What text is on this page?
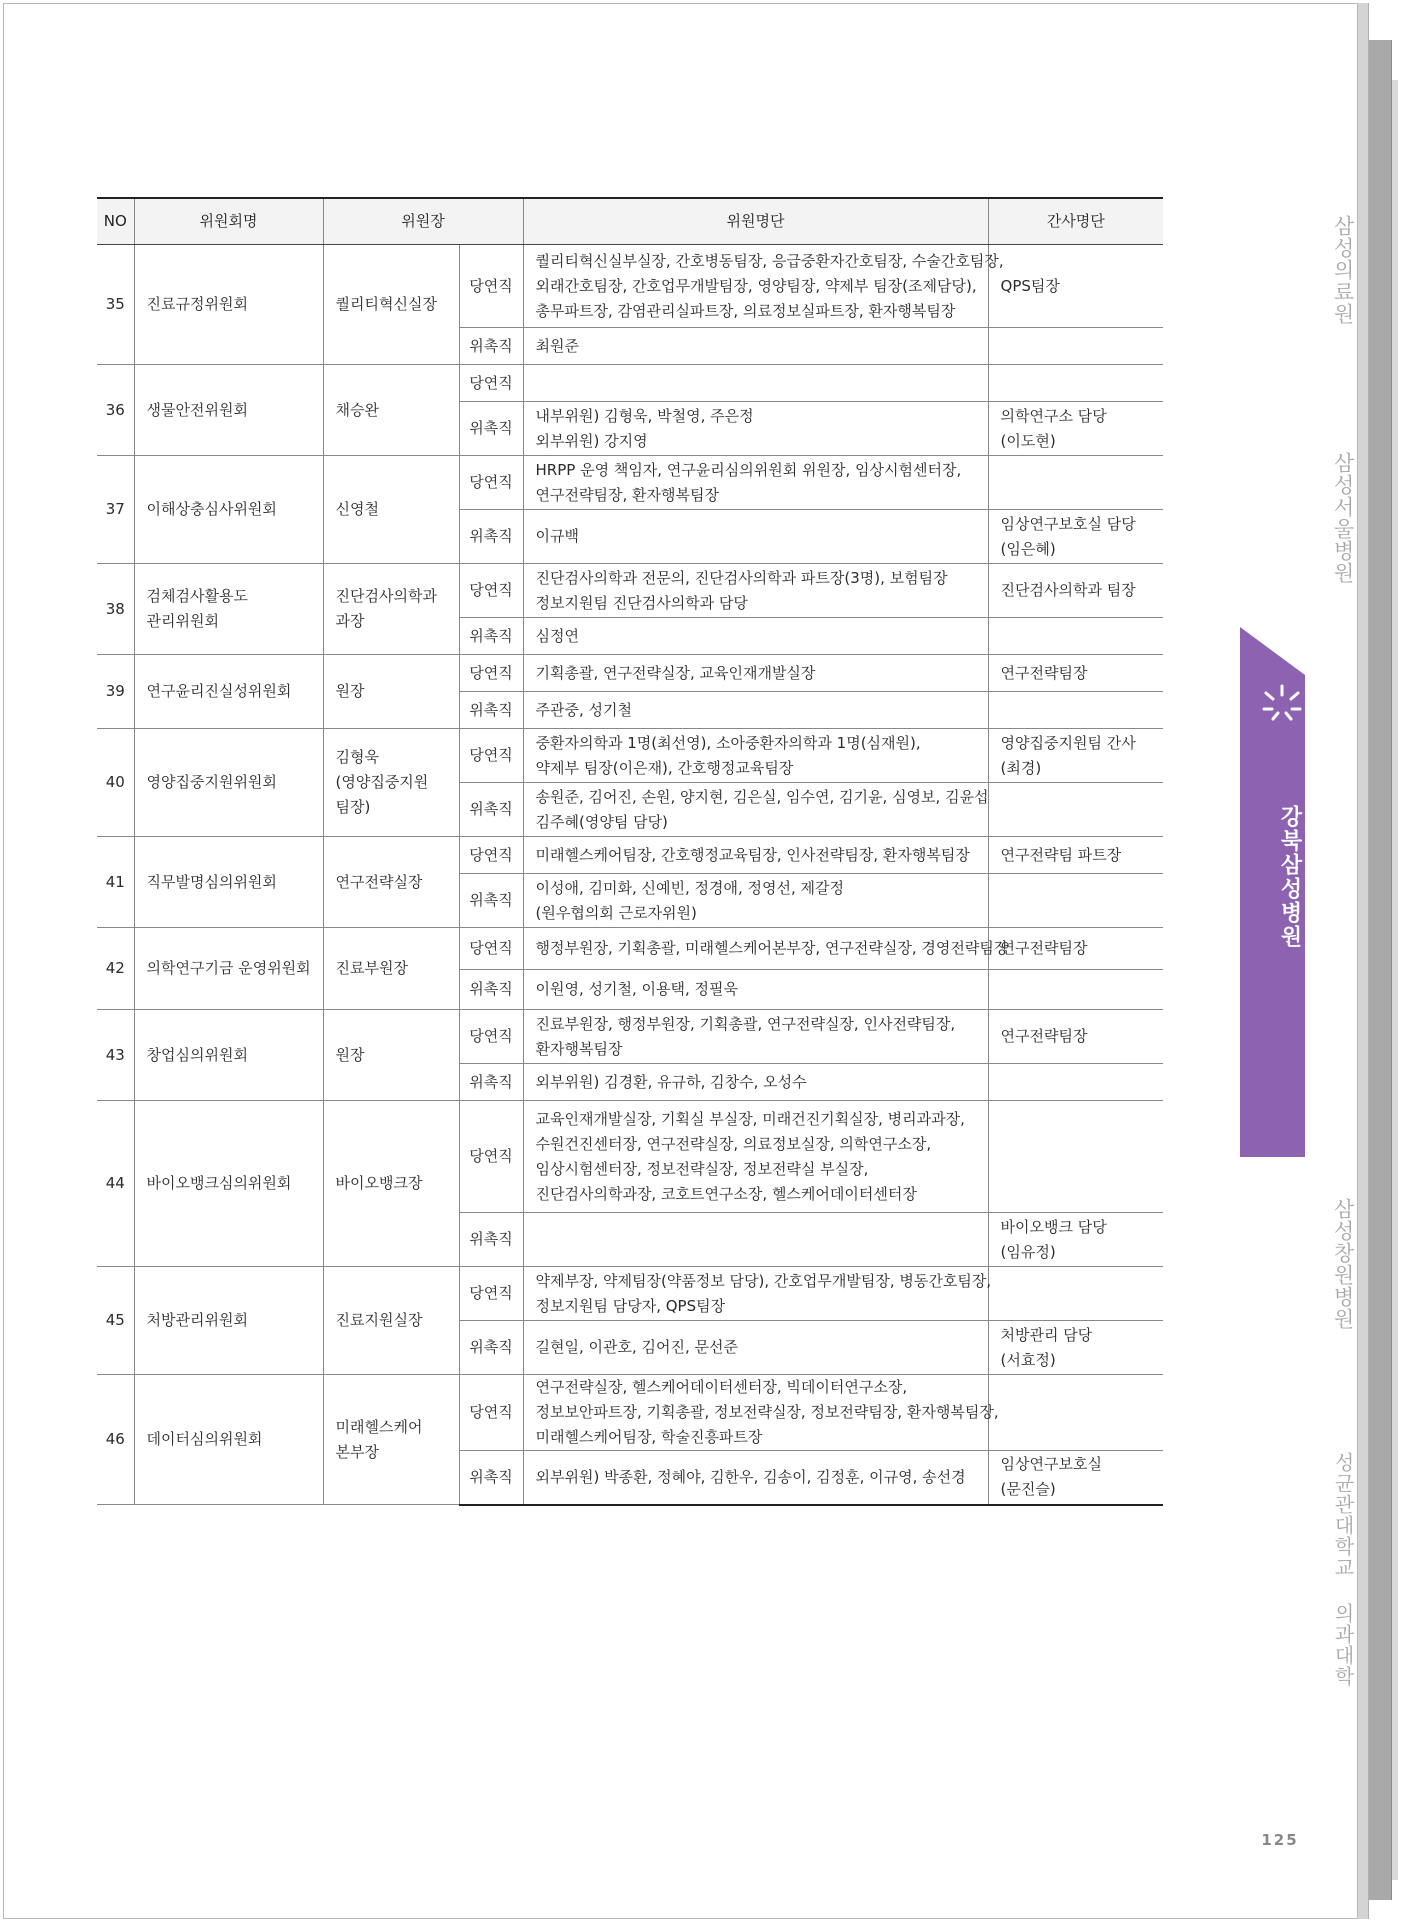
NO	위원회명	위원장		위원명단	간사명단
35	진료규정위원회	퀄리티혁신실장	당연직	퀄리티혁신실부실장, 간호병동팀장, 응급중환자간호팀장, 수술간호팀장,
외래간호팀장, 간호업무개발팀장, 영양팀장, 약제부 팀장(조제담당),
총무파트장, 감염관리실파트장, 의료정보실파트장, 환자행복팀장	QPS팀장

			위촉직	최원준	

36	생물안전위원회	채승완	당연직		
			위촉직	내부위원) 김형욱, 박철영, 주은정
외부위원) 강지영	의학연구소 담당
(이도현)

37	이해상충심사위원회	신영철	당연직	HRPP 운영 책임자, 연구윤리심의위원회 위원장, 임상시험센터장,
연구전략팀장, 환자행복팀장	

			위촉직	이규백	임상연구보호실 담당
(임은혜)

38	검체검사활용도
관리위원회	진단검사의학과
과장	당연직	진단검사의학과 전문의, 진단검사의학과 파트장(3명), 보험팀장
정보지원팀 진단검사의학과 담당	진단검사의학과 팀장

			위촉직	심정연	

39	연구윤리진실성위원회	원장	당연직	기획총괄, 연구전략실장, 교육인재개발실장	연구전략팀장

			위촉직	주관중, 성기철	

40	영양집중지원위원회	김형욱
(영양집중지원
팀장)	당연직	중환자의학과 1명(최선영), 소아중환자의학과 1명(심재원),
약제부 팀장(이은재), 간호행정교육팀장	영양집중지원팀 간사
(최경)

			위촉직	송원준, 김어진, 손원, 양지현, 김은실, 임수연, 김기윤, 심영보, 김윤섭
김주혜(영양팀 담당)	

41	직무발명심의위원회	연구전략실장	당연직	미래헬스케어팀장, 간호행정교육팀장, 인사전략팀장, 환자행복팀장	연구전략팀 파트장

			위촉직	이성애, 김미화, 신예빈, 정경애, 정영선, 제갈정
(원우협의회 근로자위원)	

42	의학연구기금 운영위원회	진료부원장	당연직	행정부원장, 기획총괄, 미래헬스케어본부장, 연구전략실장, 경영전략팀장	연구전략팀장

			위촉직	이원영, 성기철, 이용택, 정필욱	

43	창업심의위원회	원장	당연직	진료부원장, 행정부원장, 기획총괄, 연구전략실장, 인사전략팀장,
환자행복팀장	연구전략팀장

			위촉직	외부위원) 김경환, 유규하, 김창수, 오성수	

44	바이오뱅크심의위원회	바이오뱅크장	당연직	교육인재개발실장, 기획실 부실장, 미래건진기획실장, 병리과과장,
수원건진센터장, 연구전략실장, 의료정보실장, 의학연구소장,
임상시험센터장, 정보전략실장, 정보전략실 부실장,
진단검사의학과장, 코호트연구소장, 헬스케어데이터센터장	

			위촉직		바이오뱅크 담당
(임유정)

45	처방관리위원회	진료지원실장	당연직	약제부장, 약제팀장(약품정보 담당), 간호업무개발팀장, 병동간호팀장,
정보지원팀 담당자, QPS팀장	

			위촉직	길현일, 이관호, 김어진, 문선준	처방관리 담당
(서효정)

46	데이터심의위원회	미래헬스케어
본부장	당연직	연구전략실장, 헬스케어데이터센터장, 빅데이터연구소장,
정보보안파트장, 기획총괄, 정보전략실장, 정보전략팀장, 환자행복팀장,
미래헬스케어팀장, 학술진흥파트장	

			위촉직	외부위원) 박종환, 정혜야, 김한우, 김송이, 김정훈, 이규영, 송선경	임상연구보호실
(문진슬)
삼성의료원
삼성서울병원
강북삼성병원
삼성창원병원
성균관대학교 의과대학
125
